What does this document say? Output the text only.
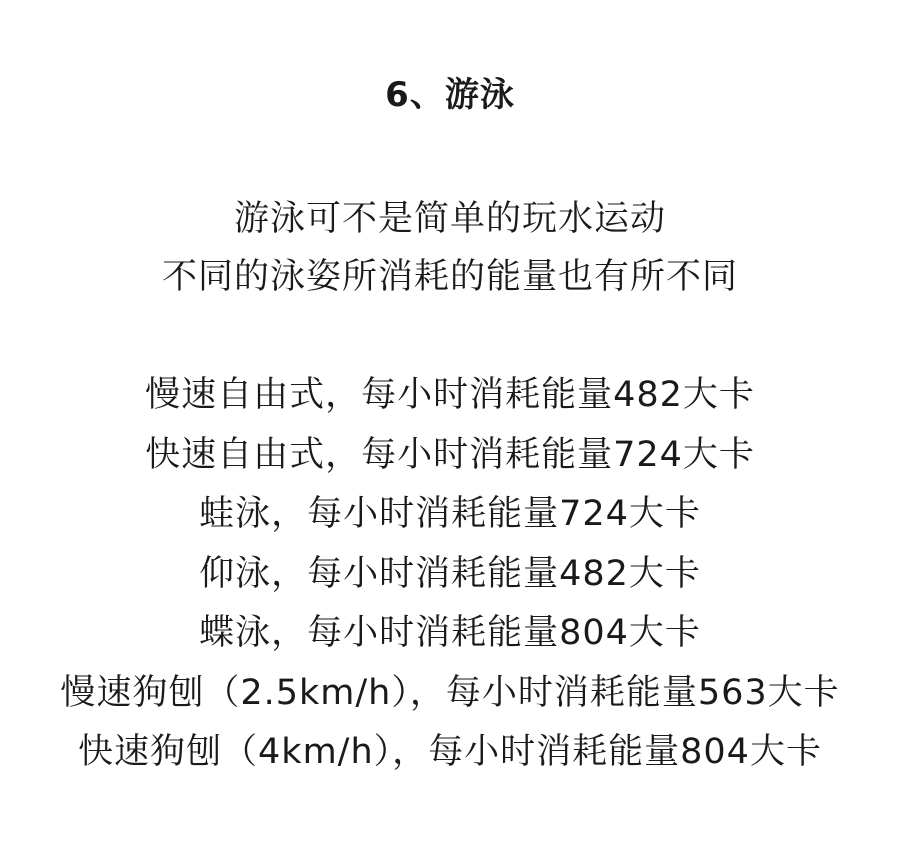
6、游泳
游泳可不是简单的玩水运动
不同的泳姿所消耗的能量也有所不同
慢速自由式，每小时消耗能量482大卡
快速自由式，每小时消耗能量724大卡
蛙泳，每小时消耗能量724大卡
仰泳，每小时消耗能量482大卡
蝶泳，每小时消耗能量804大卡
慢速狗刨（2.5km/h），每小时消耗能量563大卡
快速狗刨（4km/h），每小时消耗能量804大卡
